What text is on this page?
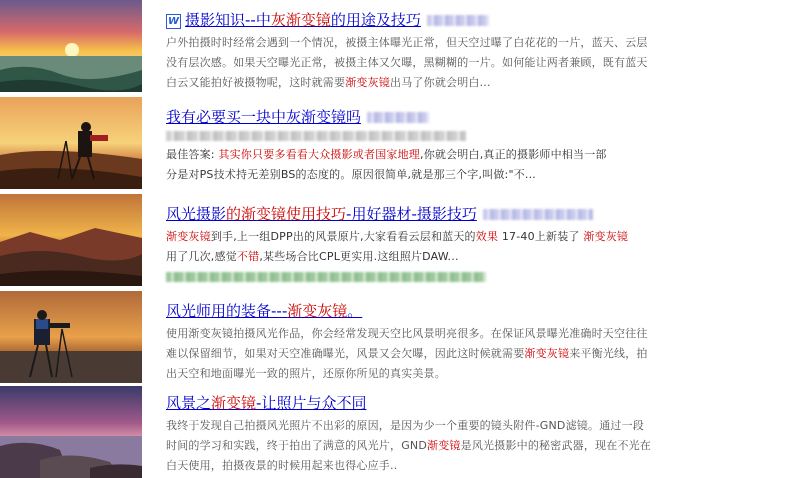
W 摄影知识--中灰渐变镜的用途及技巧
户外拍摄时时经常会遇到一个情况，被摄主体曝光正常，但天空过曝了白花花的一片，蓝天、云层
没有层次感。如果天空曝光正常，被摄主体又欠曝，黑糊糊的一片。如何能让两者兼顾，既有蓝天
白云又能拍好被摄物呢，这时就需要渐变灰镜出马了你就会明白...
我有必要买一块中灰渐变镜吗
最佳答案: 其实你只要多看看大众摄影或者国家地理,你就会明白,真正的摄影师中相当一部
分是对PS技术持无差别BS的态度的。原因很简单,就是那三个字,叫做:"不...
风光摄影的渐变镜使用技巧-用好器材-摄影技巧
渐变灰镜到手,上一组DPP出的风景原片,大家看看云层和蓝天的效果 17-40上新装了 渐变灰镜
用了几次,感觉不错,某些场合比CPL更实用.这组照片DAW...
风光师用的装备---渐变灰镜。
使用渐变灰镜拍摄风光作品，你会经常发现天空比风景明亮很多。在保证风景曝光准确时天空往往
难以保留细节，如果对天空准确曝光，风景又会欠曝，因此这时候就需要渐变灰镜来平衡光线，拍
出天空和地面曝光一致的照片，还原你所见的真实美景。
风景之渐变镜-让照片与众不同
我终于发现自己拍摄风光照片不出彩的原因，是因为少一个重要的镜头附件-GND滤镜。通过一段
时间的学习和实践，终于拍出了满意的风光片，GND渐变镜是风光摄影中的秘密武器，现在不光在
白天使用，拍摄夜景的时候用起来也得心应手..
